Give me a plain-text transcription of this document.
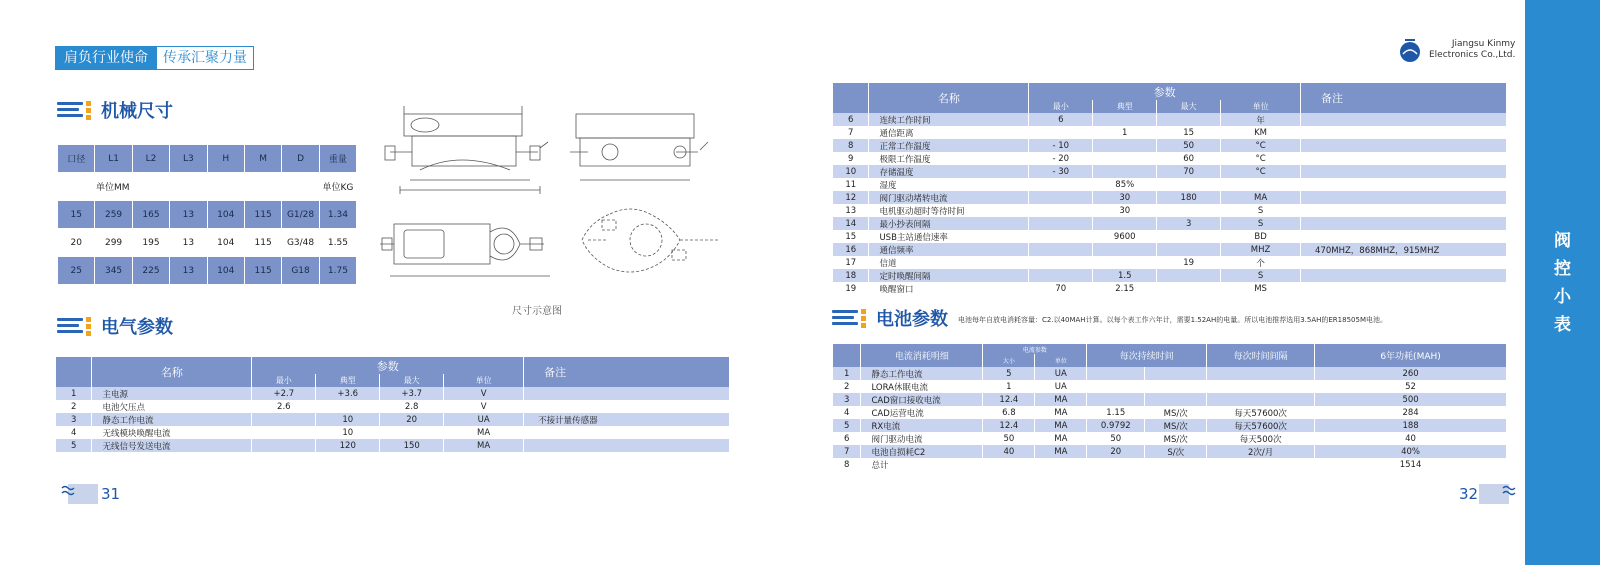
肩负行业使命	传承汇聚力量
机械尺寸
口径	L1	L2	L3	H	M	D	重量
单位MM							单位KG
15	259	165	13	104	115	G1/28	1.34
20	299	195	13	104	115	G3/48	1.55
25	345	225	13	104	115	G18	1.75
尺寸示意图
电气参数
	名称	参数				备注
		最小	典型	最大	单位	
1	主电源	+2.7	+3.6	+3.7	V	
2	电池欠压点	2.6		2.8	V	
3	静态工作电流		10	20	UA	不接计量传感器
4	无线模块唤醒电流		10		MA	
5	无线信号发送电流		120	150	MA	
31
Jiangsu Kinmy
Electronics Co.,Ltd.
	名称	参数				备注
		最小	典型	最大	单位	
6	连续工作时间	6			年	
7	通信距离		1	15	KM	
8	正常工作温度	- 10		50	°C	
9	极限工作温度	- 20		60	°C	
10	存储温度	- 30		70	°C	
11	湿度		85%			
12	阀门驱动堵转电流		30	180	MA	
13	电机驱动超时等待时间		30		S	
14	最小抄表间隔			3	S	
15	USB主站通信速率		9600		BD	
16	通信频率				MHZ	470MHZ，868MHZ，915MHZ
17	信道			19	个	
18	定时唤醒间隔		1.5		S	
19	唤醒窗口	70	2.15		MS	
电池参数 电池每年自放电消耗容量：C2.以40MAH计算。以每个表工作六年计，需要1.52AH的电量。所以电池推荐选用3.5AH的ER18505M电池。
	电流消耗明细	电流参数		每次持续时间		每次时间间隔	6年功耗(MAH)
		大小	单位				
1	静态工作电流	5	UA				260
2	LORA休眠电流	1	UA				52
3	CAD窗口接收电流	12.4	MA				500
4	CAD运营电流	6.8	MA	1.15	MS/次	每天57600次	284
5	RX电流	12.4	MA	0.9792	MS/次	每天57600次	188
6	阀门驱动电流	50	MA	50	MS/次	每天500次	40
7	电池自损耗C2	40	MA	20	S/次	2次/月	40%
8	总计						1514
32
阀
控
小
表
